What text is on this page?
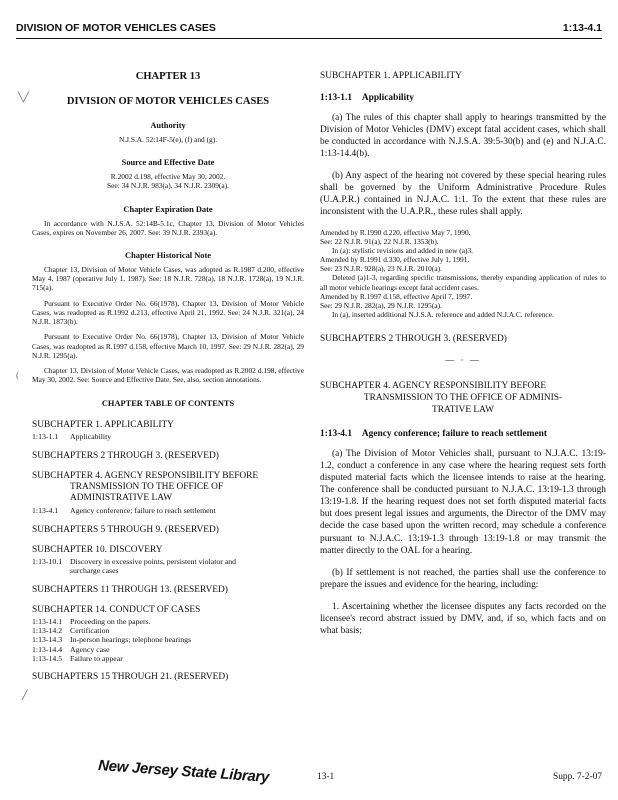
DIVISION OF MOTOR VEHICLES CASES	1:13-4.1
╲╱
(
╱

CHAPTER 13

DIVISION OF MOTOR VEHICLES CASES

Authority

N.J.S.A. 52:14F-5(e), (f) and (g).

Source and Effective Date

R.2002 d.198, effective May 30, 2002.

See: 34 N.J.R. 983(a), 34 N.J.R. 2309(a).

Chapter Expiration Date

In accordance with N.J.S.A. 52:14B-5.1c, Chapter 13, Division of Motor Vehicles Cases, expires on November 26, 2007. See: 39 N.J.R. 2393(a).

Chapter Historical Note

Chapter 13, Division of Motor Vehicle Cases, was adopted as R.1987 d.200, effective May 4, 1987 (operative July 1, 1987). See: 18 N.J.R. 728(a), 18 N.J.R. 1728(a), 19 N.J.R. 715(a).

Pursuant to Executive Order No. 66(1978), Chapter 13, Division of Motor Vehicle Cases, was readopted as R.1992 d.213, effective April 21, 1992. See: 24 N.J.R. 321(a), 24 N.J.R. 1873(b).

Pursuant to Executive Order No. 66(1978), Chapter 13, Division of Motor Vehicle Cases, was readopted as R.1997 d.158, effective March 10, 1997. See: 29 N.J.R. 282(a), 29 N.J.R. 1295(a).

Chapter 13, Division of Motor Vehicle Cases, was readopted as R.2002 d.198, effective May 30, 2002. See: Source and Effective Date. See, also, section annotations.

CHAPTER TABLE OF CONTENTS

SUBCHAPTER 1. APPLICABILITY

1:13-1.1	Applicability

SUBCHAPTERS 2 THROUGH 3. (RESERVED)

SUBCHAPTER 4. AGENCY RESPONSIBILITY BEFORE

TRANSMISSION TO THE OFFICE OF

ADMINISTRATIVE LAW

1:13-4.1	Agency conference; failure to reach settlement

SUBCHAPTERS 5 THROUGH 9. (RESERVED)

SUBCHAPTER 10. DISCOVERY

1:13-10.1	Discovery in excessive points, persistent violator and surcharge cases

SUBCHAPTERS 11 THROUGH 13. (RESERVED)

SUBCHAPTER 14. CONDUCT OF CASES

1:13-14.1	Proceeding on the papers.
1:13-14.2	Certification
1:13-14.3	In-person hearings; telephone hearings
1:13-14.4	Agency case
1:13-14.5	Failure to appear

SUBCHAPTERS 15 THROUGH 21. (RESERVED)

SUBCHAPTER 1. APPLICABILITY

1:13-1.1 Applicability

(a) The rules of this chapter shall apply to hearings transmitted by the Division of Motor Vehicles (DMV) except fatal accident cases, which shall be conducted in accordance with N.J.S.A. 39:5-30(b) and (e) and N.J.A.C. 1:13-14.4(b).

(b) Any aspect of the hearing not covered by these special hearing rules shall be governed by the Uniform Administrative Procedure Rules (U.A.P.R.) contained in N.J.A.C. 1:1. To the extent that these rules are inconsistent with the U.A.P.R., these rules shall apply.

Amended by R.1990 d.220, effective May 7, 1990.

See: 22 N.J.R. 91(a), 22 N.J.R. 1353(b).

In (a): stylistic revisions and added in new (a)3.

Amended by R.1991 d.330, effective July 1, 1991.

See: 23 N.J.R. 928(a), 23 N.J.R. 2010(a).

Deleted (a)1-3, regarding specific transmissions, thereby expanding application of rules to all motor vehicle hearings except fatal accident cases.

Amended by R.1997 d.158, effective April 7, 1997.

See: 29 N.J.R. 282(a), 29 N.J.R. 1295(a).

In (a), inserted additional N.J.S.A. reference and added N.J.A.C. reference.

SUBCHAPTERS 2 THROUGH 3. (RESERVED)

— · —

SUBCHAPTER 4. AGENCY RESPONSIBILITY BEFORE

TRANSMISSION TO THE OFFICE OF ADMINIS-

TRATIVE LAW

1:13-4.1 Agency conference; failure to reach settlement

(a) The Division of Motor Vehicles shall, pursuant to N.J.A.C. 13:19-1.2, conduct a conference in any case where the hearing request sets forth disputed material facts which the licensee intends to raise at the hearing. The conference shall be conducted pursuant to N.J.A.C. 13:19-1.3 through 13:19-1.8. If the hearing request does not set forth disputed material facts but does present legal issues and arguments, the Director of the DMV may decide the case based upon the written record, may schedule a conference pursuant to N.J.A.C. 13:19-1.3 through 13:19-1.8 or may transmit the matter directly to the OAL for a hearing.

(b) If settlement is not reached, the parties shall use the conference to prepare the issues and evidence for the hearing, including:

1. Ascertaining whether the licensee disputes any facts recorded on the licensee's record abstract issued by DMV, and, if so, which facts and on what basis;

New Jersey State Library	13-1	Supp. 7-2-07
